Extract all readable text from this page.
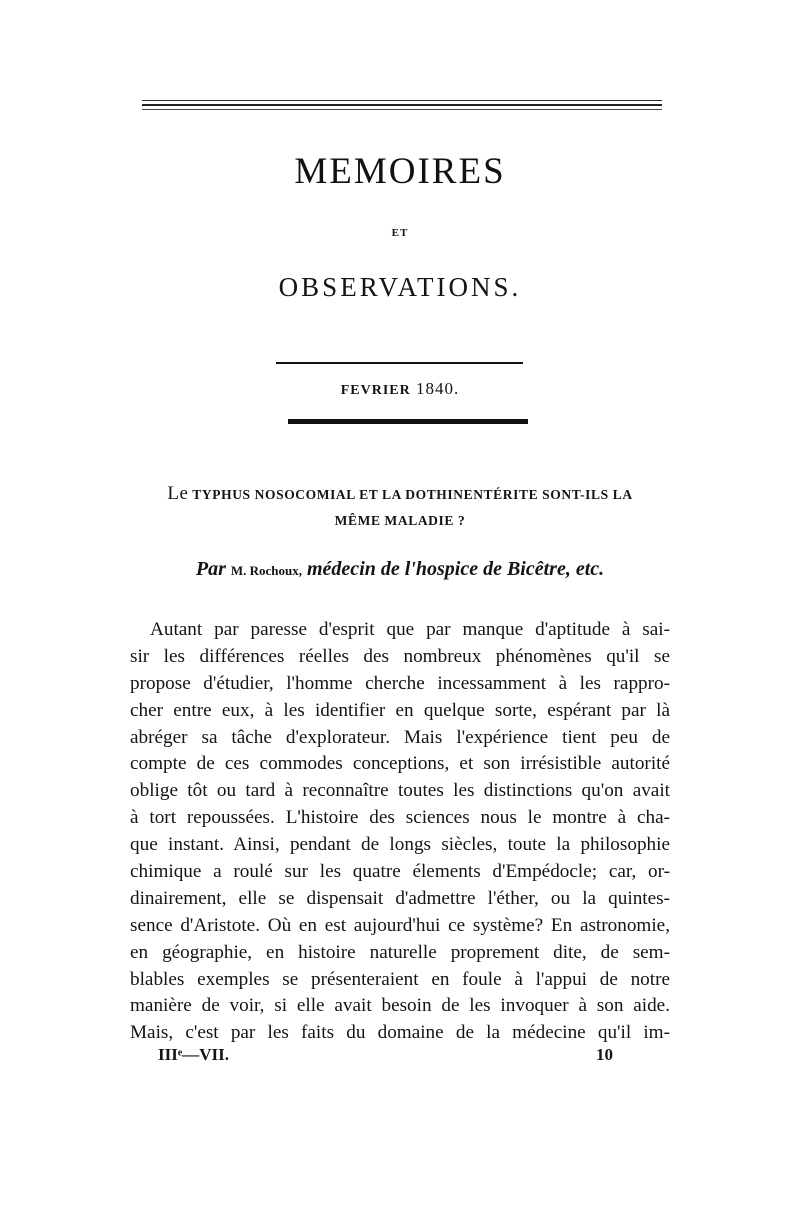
MEMOIRES
ET
OBSERVATIONS.
FEVRIER 1840.
Le TYPHUS NOSOCOMIAL ET LA DOTHINENTÉRITE SONT-ILS LA
MÊME MALADIE ?
Par M. Rochoux, médecin de l'hospice de Bicêtre, etc.
Autant par paresse d'esprit que par manque d'aptitude à sai-
sir les différences réelles des nombreux phénomènes qu'il se
propose d'étudier, l'homme cherche incessamment à les rappro-
cher entre eux, à les identifier en quelque sorte, espérant par là
abréger sa tâche d'explorateur. Mais l'expérience tient peu de
compte de ces commodes conceptions, et son irrésistible autorité
oblige tôt ou tard à reconnaître toutes les distinctions qu'on avait
à tort repoussées. L'histoire des sciences nous le montre à cha-
que instant. Ainsi, pendant de longs siècles, toute la philosophie
chimique a roulé sur les quatre élements d'Empédocle; car, or-
dinairement, elle se dispensait d'admettre l'éther, ou la quintes-
sence d'Aristote. Où en est aujourd'hui ce système? En astronomie,
en géographie, en histoire naturelle proprement dite, de sem-
blables exemples se présenteraient en foule à l'appui de notre
manière de voir, si elle avait besoin de les invoquer à son aide.
Mais, c'est par les faits du domaine de la médecine qu'il im-
IIIᵉ—VII.	10
